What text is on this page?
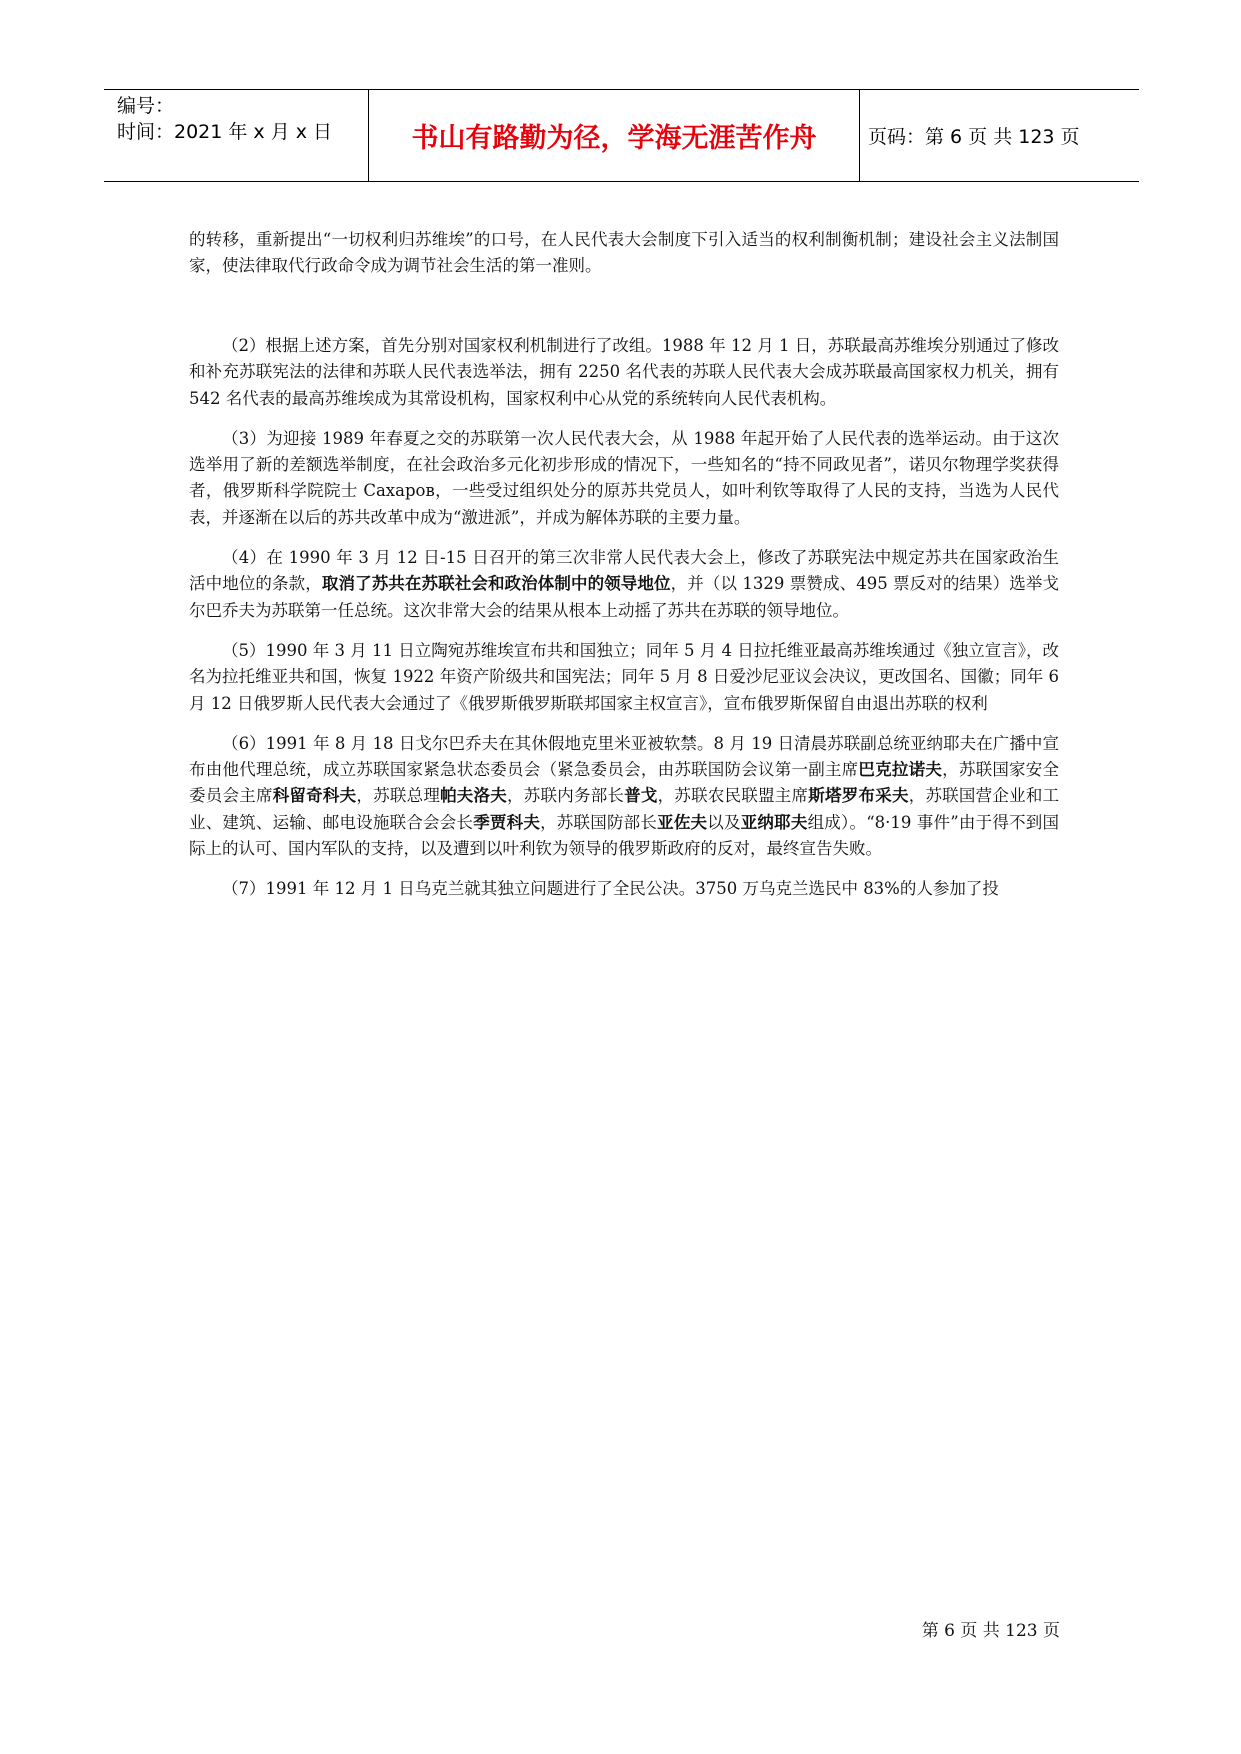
编号：
时间：2021 年 x 月 x 日	书山有路勤为径，学海无涯苦作舟	页码：第 6 页 共 123 页

的转移，重新提出“一切权利归苏维埃”的口号，在人民代表大会制度下引入适当的权利制衡机制；建设社会主义法制国家，使法律取代行政命令成为调节社会生活的第一准则。

（2）根据上述方案，首先分别对国家权利机制进行了改组。1988 年 12 月 1 日，苏联最高苏维埃分别通过了修改和补充苏联宪法的法律和苏联人民代表选举法，拥有 2250 名代表的苏联人民代表大会成苏联最高国家权力机关，拥有 542 名代表的最高苏维埃成为其常设机构，国家权利中心从党的系统转向人民代表机构。

（3）为迎接 1989 年春夏之交的苏联第一次人民代表大会，从 1988 年起开始了人民代表的选举运动。由于这次选举用了新的差额选举制度，在社会政治多元化初步形成的情况下，一些知名的“持不同政见者”，诺贝尔物理学奖获得者，俄罗斯科学院院士 Сахаров，一些受过组织处分的原苏共党员人，如叶利钦等取得了人民的支持，当选为人民代表，并逐渐在以后的苏共改革中成为“激进派”，并成为解体苏联的主要力量。

（4）在 1990 年 3 月 12 日-15 日召开的第三次非常人民代表大会上，修改了苏联宪法中规定苏共在国家政治生活中地位的条款，取消了苏共在苏联社会和政治体制中的领导地位，并（以 1329 票赞成、495 票反对的结果）选举戈尔巴乔夫为苏联第一任总统。这次非常大会的结果从根本上动摇了苏共在苏联的领导地位。

（5）1990 年 3 月 11 日立陶宛苏维埃宣布共和国独立；同年 5 月 4 日拉托维亚最高苏维埃通过《独立宣言》，改名为拉托维亚共和国，恢复 1922 年资产阶级共和国宪法；同年 5 月 8 日爱沙尼亚议会决议，更改国名、国徽；同年 6 月 12 日俄罗斯人民代表大会通过了《俄罗斯俄罗斯联邦国家主权宣言》，宣布俄罗斯保留自由退出苏联的权利

（6）1991 年 8 月 18 日戈尔巴乔夫在其休假地克里米亚被软禁。8 月 19 日清晨苏联副总统亚纳耶夫在广播中宣布由他代理总统，成立苏联国家紧急状态委员会（紧急委员会，由苏联国防会议第一副主席巴克拉诺夫，苏联国家安全委员会主席科留奇科夫，苏联总理帕夫洛夫，苏联内务部长普戈，苏联农民联盟主席斯塔罗布采夫，苏联国营企业和工业、建筑、运输、邮电设施联合会会长季贾科夫，苏联国防部长亚佐夫以及亚纳耶夫组成）。“8·19 事件”由于得不到国际上的认可、国内军队的支持，以及遭到以叶利钦为领导的俄罗斯政府的反对，最终宣告失败。

（7）1991 年 12 月 1 日乌克兰就其独立问题进行了全民公决。3750 万乌克兰选民中 83%的人参加了投

第 6 页 共 123 页
